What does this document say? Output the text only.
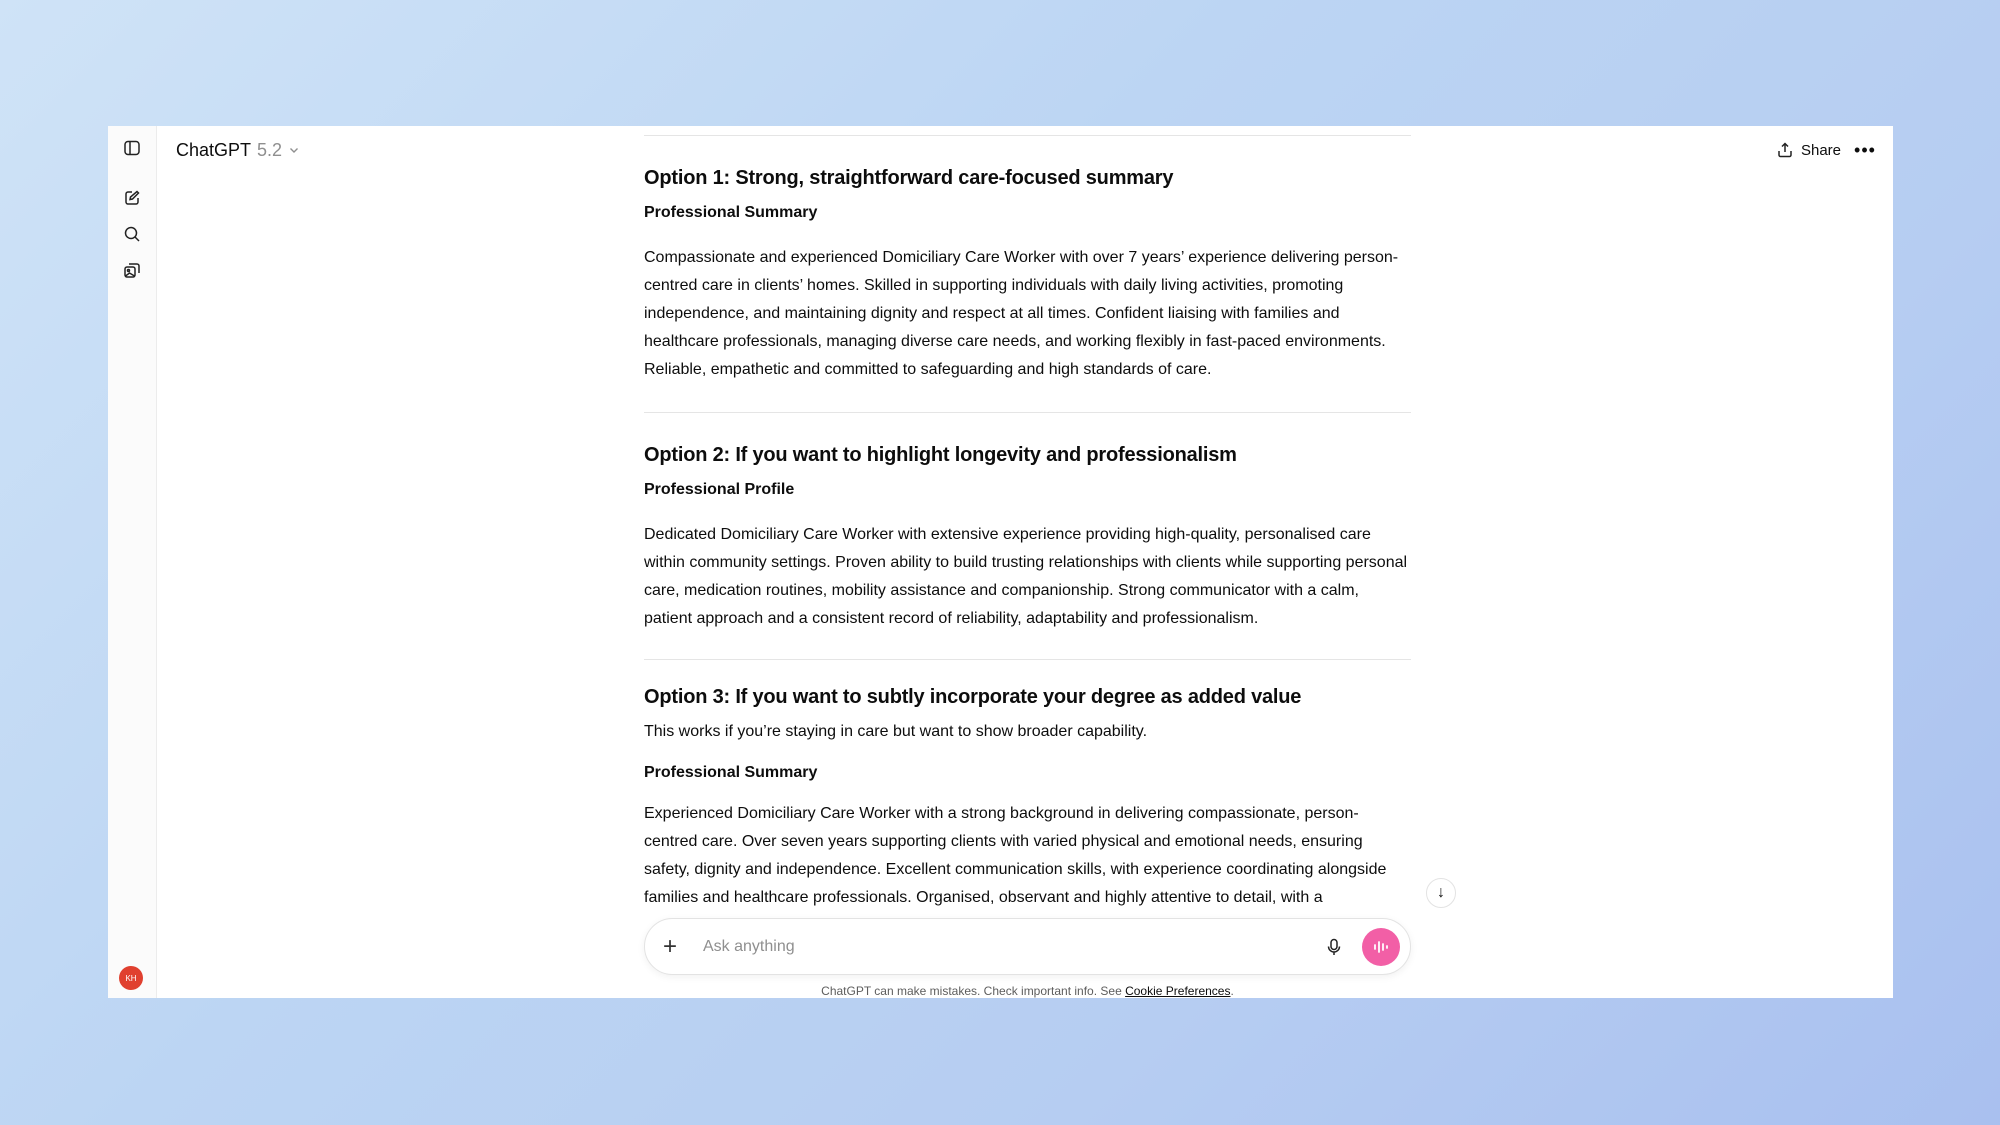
KH
ChatGPT 5.2	Share •••
Option 1: Strong, straightforward care-focused summary
Professional Summary
Compassionate and experienced Domiciliary Care Worker with over 7 years’ experience delivering person-centred care in clients’ homes. Skilled in supporting individuals with daily living activities, promoting independence, and maintaining dignity and respect at all times. Confident liaising with families and healthcare professionals, managing diverse care needs, and working flexibly in fast-paced environments. Reliable, empathetic and committed to safeguarding and high standards of care.
Option 2: If you want to highlight longevity and professionalism
Professional Profile
Dedicated Domiciliary Care Worker with extensive experience providing high-quality, personalised care within community settings. Proven ability to build trusting relationships with clients while supporting personal care, medication routines, mobility assistance and companionship. Strong communicator with a calm, patient approach and a consistent record of reliability, adaptability and professionalism.
Option 3: If you want to subtly incorporate your degree as added value
This works if you’re staying in care but want to show broader capability.
Professional Summary
Experienced Domiciliary Care Worker with a strong background in delivering compassionate, person-centred care. Over seven years supporting clients with varied physical and emotional needs, ensuring safety, dignity and independence. Excellent communication skills, with experience coordinating alongside families and healthcare professionals. Organised, observant and highly attentive to detail, with a	↓
+	Ask anything
ChatGPT can make mistakes. Check important info. See Cookie Preferences.
